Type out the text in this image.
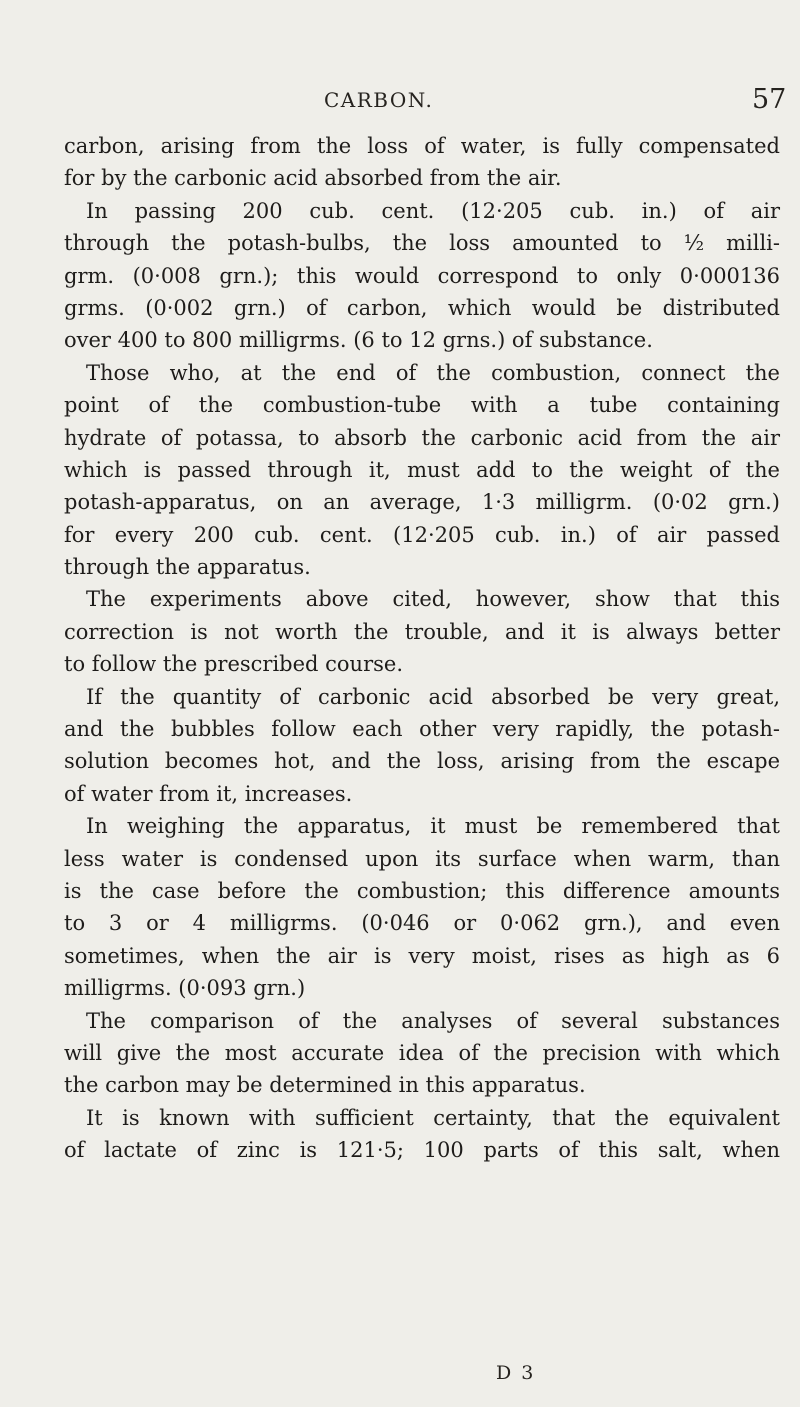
CARBON.	57
carbon, arising from the loss of water, is fully compensated
for by the carbonic acid absorbed from the air.
In passing 200 cub. cent. (12·205 cub. in.) of air
through the potash-bulbs, the loss amounted to ½ milli-
grm. (0·008 grn.); this would correspond to only 0·000136
grms. (0·002 grn.) of carbon, which would be distributed
over 400 to 800 milligrms. (6 to 12 grns.) of substance.
Those who, at the end of the combustion, connect the
point of the combustion-tube with a tube containing
hydrate of potassa, to absorb the carbonic acid from the air
which is passed through it, must add to the weight of the
potash-apparatus, on an average, 1·3 milligrm. (0·02 grn.)
for every 200 cub. cent. (12·205 cub. in.) of air passed
through the apparatus.
The experiments above cited, however, show that this
correction is not worth the trouble, and it is always better
to follow the prescribed course.
If the quantity of carbonic acid absorbed be very great,
and the bubbles follow each other very rapidly, the potash-
solution becomes hot, and the loss, arising from the escape
of water from it, increases.
In weighing the apparatus, it must be remembered that
less water is condensed upon its surface when warm, than
is the case before the combustion; this difference amounts
to 3 or 4 milligrms. (0·046 or 0·062 grn.), and even
sometimes, when the air is very moist, rises as high as 6
milligrms. (0·093 grn.)
The comparison of the analyses of several substances
will give the most accurate idea of the precision with which
the carbon may be determined in this apparatus.
It is known with sufficient certainty, that the equivalent
of lactate of zinc is 121·5; 100 parts of this salt, when
D 3
